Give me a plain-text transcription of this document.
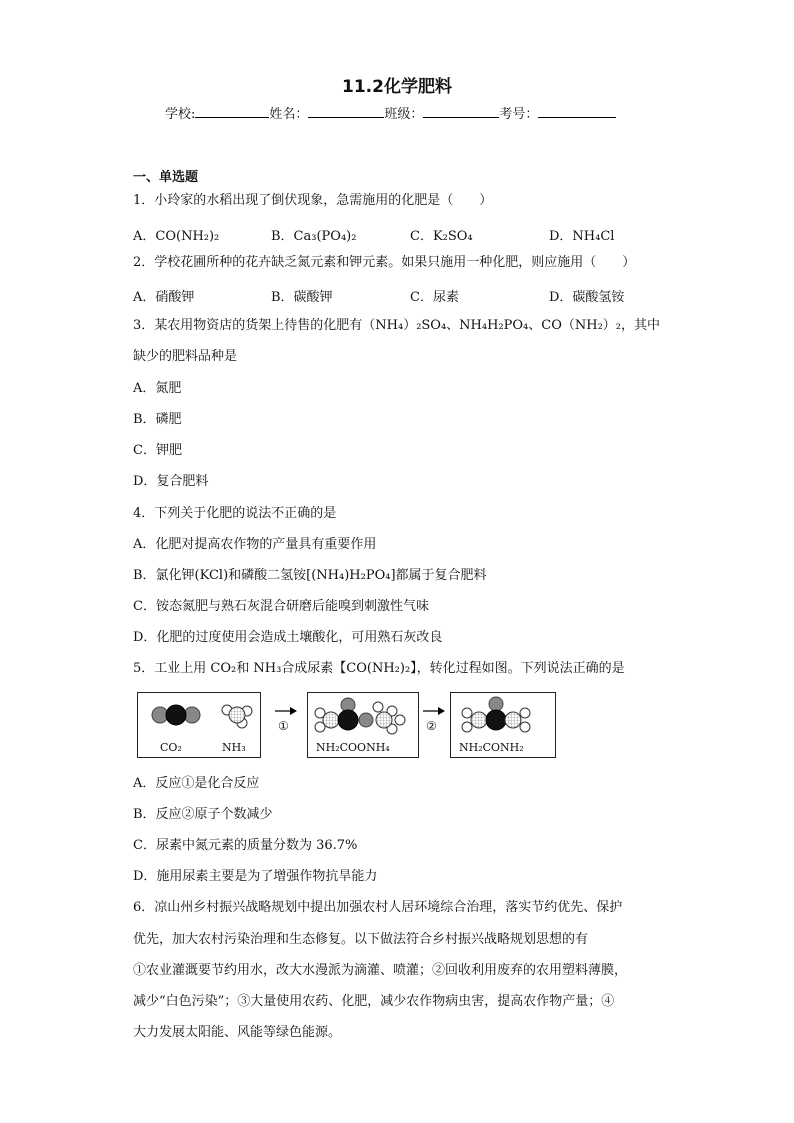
11.2化学肥料
学校:	姓名：	班级：	考号：
一、单选题
1．小玲家的水稻出现了倒伏现象，急需施用的化肥是（　　）
A．CO(NH₂)₂	B．Ca₃(PO₄)₂	C．K₂SO₄	D．NH₄Cl
2．学校花圃所种的花卉缺乏氮元素和钾元素。如果只施用一种化肥，则应施用（　　）
A．硝酸钾	B．碳酸钾	C．尿素	D．碳酸氢铵
3．某农用物资店的货架上待售的化肥有（NH₄）₂SO₄、NH₄H₂PO₄、CO（NH₂）₂，其中
缺少的肥料品种是
A．氮肥
B．磷肥
C．钾肥
D．复合肥料
4．下列关于化肥的说法不正确的是
A．化肥对提高农作物的产量具有重要作用
B．氯化钾(KCl)和磷酸二氢铵[(NH₄)H₂PO₄]都属于复合肥料
C．铵态氮肥与熟石灰混合研磨后能嗅到刺激性气味
D．化肥的过度使用会造成土壤酸化，可用熟石灰改良
5．工业上用 CO₂和 NH₃合成尿素【CO(NH₂)₂】，转化过程如图。下列说法正确的是
CO₂	NH₃
①
NH₂COONH₄
②
NH₂CONH₂
A．反应①是化合反应
B．反应②原子个数减少
C．尿素中氮元素的质量分数为 36.7%
D．施用尿素主要是为了增强作物抗旱能力
6．凉山州乡村振兴战略规划中提出加强农村人居环境综合治理，落实节约优先、保护
优先，加大农村污染治理和生态修复。以下做法符合乡村振兴战略规划思想的有
①农业灌溉要节约用水，改大水漫派为滴灌、喷灌；②回收利用废弃的农用塑料薄膜，
减少“白色污染”；③大量使用农药、化肥，减少农作物病虫害，提高农作物产量；④
大力发展太阳能、风能等绿色能源。
